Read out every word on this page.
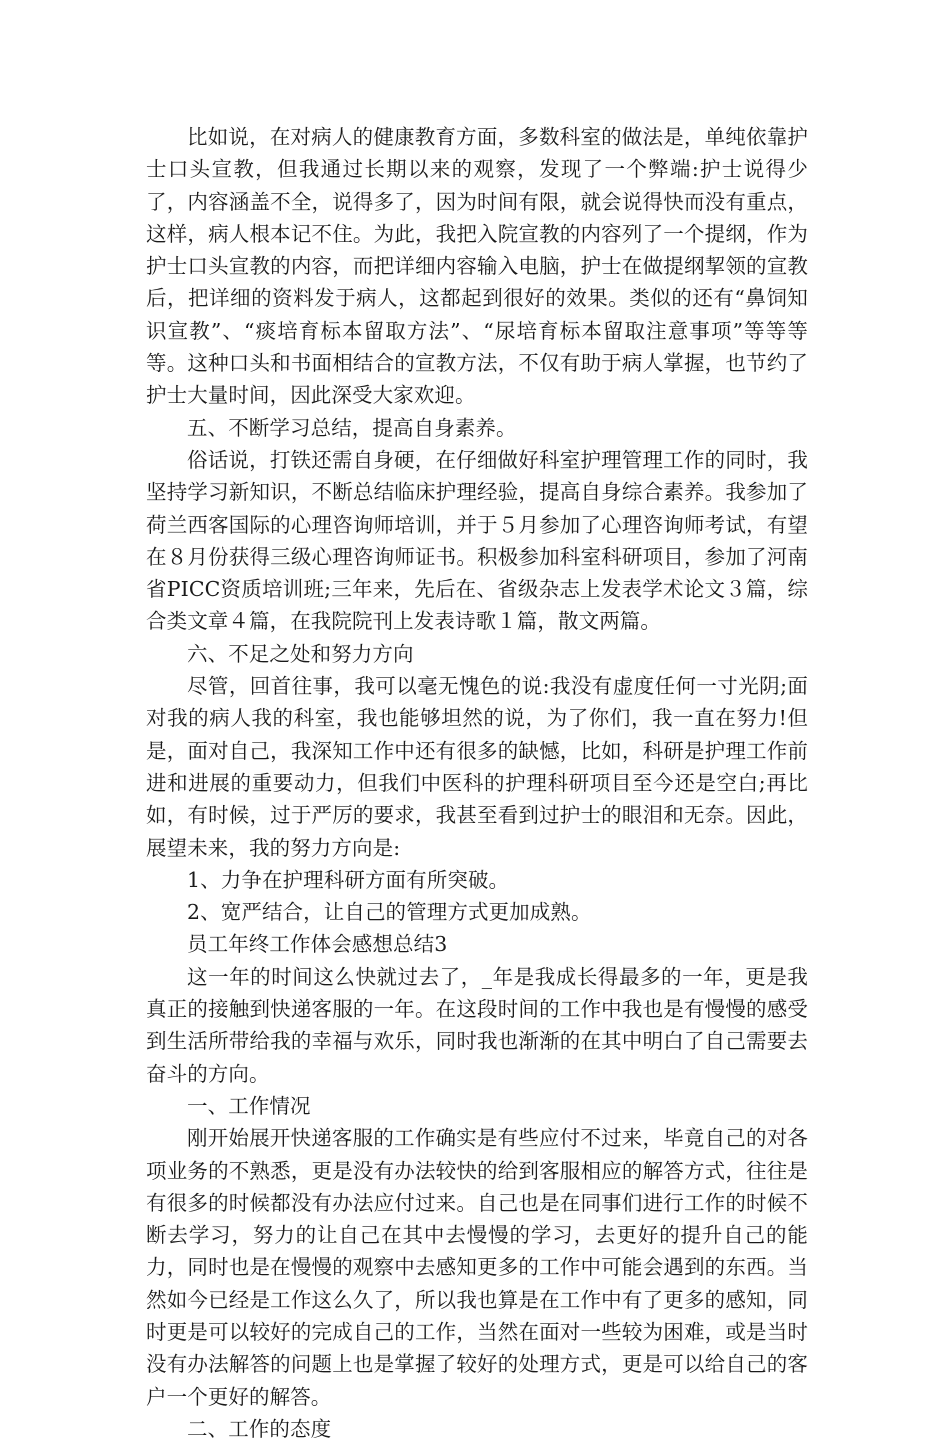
比如说，在对病人的健康教育方面，多数科室的做法是，单纯依靠护士口头宣教，但我通过长期以来的观察，发现了一个弊端:护士说得少了，内容涵盖不全，说得多了，因为时间有限，就会说得快而没有重点，这样，病人根本记不住。为此，我把入院宣教的内容列了一个提纲，作为护士口头宣教的内容，而把详细内容输入电脑，护士在做提纲挈领的宣教后，把详细的资料发于病人，这都起到很好的效果。类似的还有“鼻饲知识宣教”、“痰培育标本留取方法”、“尿培育标本留取注意事项”等等等等。这种口头和书面相结合的宣教方法，不仅有助于病人掌握，也节约了护士大量时间，因此深受大家欢迎。

五、不断学习总结，提高自身素养。

俗话说，打铁还需自身硬，在仔细做好科室护理管理工作的同时，我坚持学习新知识，不断总结临床护理经验，提高自身综合素养。我参加了荷兰西客国际的心理咨询师培训，并于５月参加了心理咨询师考试，有望在８月份获得三级心理咨询师证书。积极参加科室科研项目，参加了河南省PICC资质培训班;三年来，先后在、省级杂志上发表学术论文３篇，综合类文章４篇，在我院院刊上发表诗歌１篇，散文两篇。

六、不足之处和努力方向

尽管，回首往事，我可以毫无愧色的说:我没有虚度任何一寸光阴;面对我的病人我的科室，我也能够坦然的说，为了你们，我一直在努力!但是，面对自己，我深知工作中还有很多的缺憾，比如，科研是护理工作前进和进展的重要动力，但我们中医科的护理科研项目至今还是空白;再比如，有时候，过于严厉的要求，我甚至看到过护士的眼泪和无奈。因此，展望未来，我的努力方向是:

1、力争在护理科研方面有所突破。

2、宽严结合，让自己的管理方式更加成熟。

员工年终工作体会感想总结3

这一年的时间这么快就过去了，_年是我成长得最多的一年，更是我真正的接触到快递客服的一年。在这段时间的工作中我也是有慢慢的感受到生活所带给我的幸福与欢乐，同时我也渐渐的在其中明白了自己需要去奋斗的方向。

一、工作情况

刚开始展开快递客服的工作确实是有些应付不过来，毕竟自己的对各项业务的不熟悉，更是没有办法较快的给到客服相应的解答方式，往往是有很多的时候都没有办法应付过来。自己也是在同事们进行工作的时候不断去学习，努力的让自己在其中去慢慢的学习，去更好的提升自己的能力，同时也是在慢慢的观察中去感知更多的工作中可能会遇到的东西。当然如今已经是工作这么久了，所以我也算是在工作中有了更多的感知，同时更是可以较好的完成自己的工作，当然在面对一些较为困难，或是当时没有办法解答的问题上也是掌握了较好的处理方式，更是可以给自己的客户一个更好的解答。

二、工作的态度
